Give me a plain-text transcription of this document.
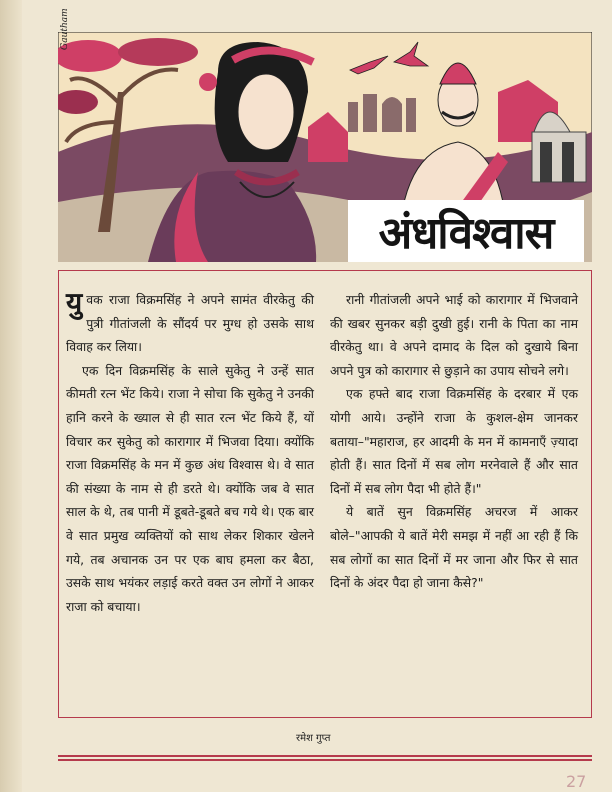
Gautham
अंधविश्वास

युवक राजा विक्रमसिंह ने अपने सामंत वीरकेतु की पुत्री गीतांजली के सौंदर्य पर मुग्ध हो उसके साथ विवाह कर लिया।

एक दिन विक्रमसिंह के साले सुकेतु ने उन्हें सात कीमती रत्न भेंट किये। राजा ने सोचा कि सुकेतु ने उनकी हानि करने के ख्याल से ही सात रत्न भेंट किये हैं, यों विचार कर सुकेतु को कारागार में भिजवा दिया। क्योंकि राजा विक्रमसिंह के मन में कुछ अंध विश्वास थे। वे सात की संख्या के नाम से ही डरते थे। क्योंकि जब वे सात साल के थे, तब पानी में डूबते-डूबते बच गये थे। एक बार वे सात प्रमुख व्यक्तियों को साथ लेकर शिकार खेलने गये, तब अचानक उन पर एक बाघ हमला कर बैठा, उसके साथ भयंकर लड़ाई करते वक्त उन लोगों ने आकर राजा को बचाया।

रानी गीतांजली अपने भाई को कारागार में भिजवाने की खबर सुनकर बड़ी दुखी हुई। रानी के पिता का नाम वीरकेतु था। वे अपने दामाद के दिल को दुखाये बिना अपने पुत्र को कारागार से छुड़ाने का उपाय सोचने लगे।

एक हफ्ते बाद राजा विक्रमसिंह के दरबार में एक योगी आये। उन्होंने राजा के कुशल-क्षेम जानकर बताया–"महाराज, हर आदमी के मन में कामनाएँ ज़्यादा होती हैं। सात दिनों में सब लोग मरनेवाले हैं और सात दिनों में सब लोग पैदा भी होते हैं।"

ये बातें सुन विक्रमसिंह अचरज में आकर बोले–"आपकी ये बातें मेरी समझ में नहीं आ रही हैं कि सब लोगों का सात दिनों में मर जाना और फिर से सात दिनों के अंदर पैदा हो जाना कैसे?"

रमेश गुप्त
27
